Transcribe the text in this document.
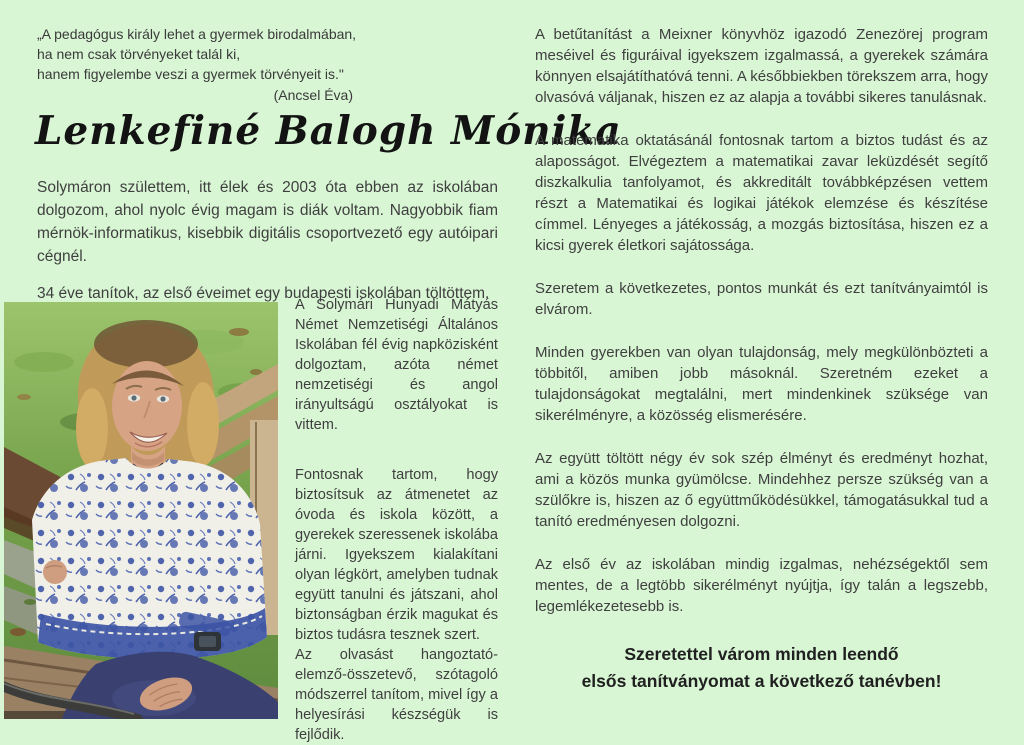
„A pedagógus király lehet a gyermek birodalmában,
ha nem csak törvényeket talál ki,
hanem figyelembe veszi a gyermek törvényeit is."
(Ancsel Éva)
Lenkefiné Balogh Mónika

Solymáron születtem, itt élek és 2003 óta ebben az iskolában dolgozom, ahol nyolc évig magam is diák voltam. Nagyobbik fiam mérnök-informatikus, kisebbik digitális csoportvezető egy autóipari cégnél.

34 éve tanítok, az első éveimet egy budapesti iskolában töltöttem.

A Solymári Hunyadi Mátyás Német Nemzetiségi Általános Iskolában fél évig napközisként dolgoztam, azóta német nemzetiségi és angol irányultságú osztályokat is vittem.

Fontosnak tartom, hogy biztosítsuk az átmenetet az óvoda és iskola között, a gyerekek szeressenek iskolába járni. Igyekszem kialakítani olyan légkört, amelyben tudnak együtt tanulni és játszani, ahol biztonságban érzik magukat és biztos tudásra tesznek szert.

Az olvasást hangoztató-elemző-összetevő, szótagoló módszerrel tanítom, mivel így a helyesírási készségük is fejlődik.

A betűtanítást a Meixner könyvhöz igazodó Zenezörej program meséivel és figuráival igyekszem izgalmassá, a gyerekek számára könnyen elsajátíthatóvá tenni. A későbbiekben törekszem arra, hogy olvasóvá váljanak, hiszen ez az alapja a további sikeres tanulásnak.

A matematika oktatásánál fontosnak tartom a biztos tudást és az alaposságot. Elvégeztem a matematikai zavar leküzdését segítő diszkalkulia tanfolyamot, és akkreditált továbbképzésen vettem részt a Matematikai és logikai játékok elemzése és készítése címmel. Lényeges a játékosság, a mozgás biztosítása, hiszen ez a kicsi gyerek életkori sajátossága.

Szeretem a következetes, pontos munkát és ezt tanítványaimtól is elvárom.

Minden gyerekben van olyan tulajdonság, mely megkülönbözteti a többitől, amiben jobb másoknál. Szeretném ezeket a tulajdonságokat megtalálni, mert mindenkinek szüksége van sikerélményre, a közösség elismerésére.

Az együtt töltött négy év sok szép élményt és eredményt hozhat, ami a közös munka gyümölcse. Mindehhez persze szükség van a szülőkre is, hiszen az ő együttműködésükkel, támogatásukkal tud a tanító eredményesen dolgozni.

Az első év az iskolában mindig izgalmas, nehézségektől sem mentes, de a legtöbb sikerélményt nyújtja, így talán a legszebb, legemlékezetesebb is.

Szeretettel várom minden leendő
elsős tanítványomat a következő tanévben!
